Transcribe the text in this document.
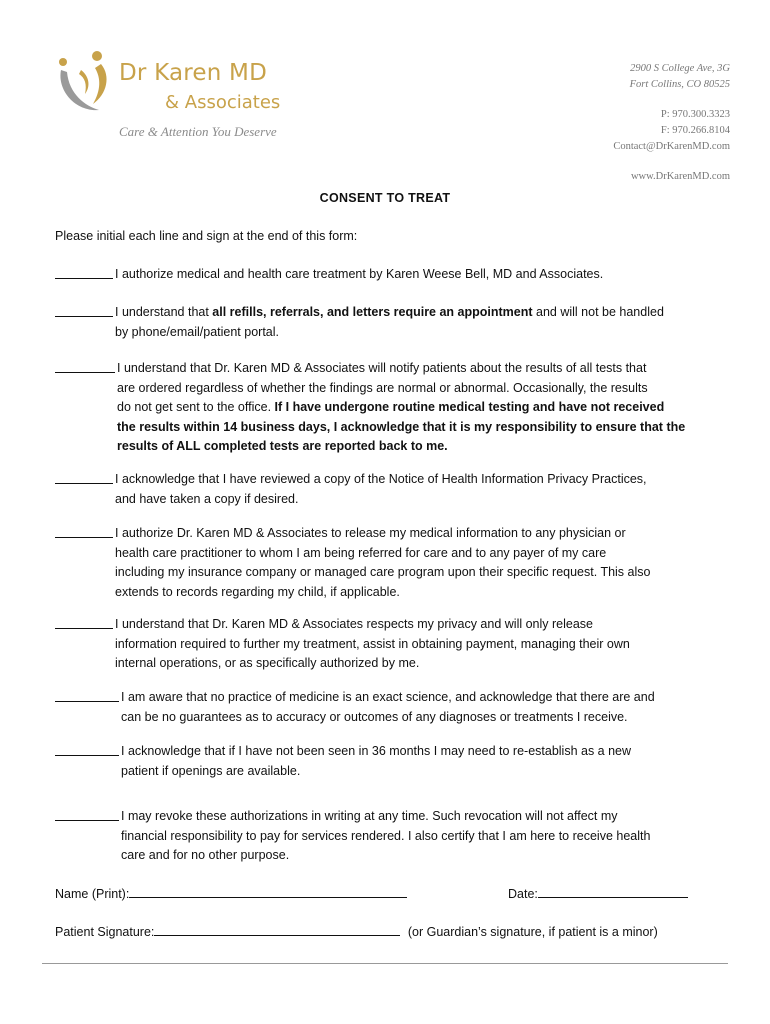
Dr Karen MD
& Associates
Care & Attention You Deserve
2900 S College Ave, 3G
Fort Collins, CO 80525
P: 970.300.3323
F: 970.266.8104
Contact@DrKarenMD.com
www.DrKarenMD.com
CONSENT TO TREAT
Please initial each line and sign at the end of this form:
I authorize medical and health care treatment by Karen Weese Bell, MD and Associates.
I understand that all refills, referrals, and letters require an appointment and will not be handled
by phone/email/patient portal.
I understand that Dr. Karen MD & Associates will notify patients about the results of all tests that
are ordered regardless of whether the findings are normal or abnormal. Occasionally, the results
do not get sent to the office. If I have undergone routine medical testing and have not received
the results within 14 business days, I acknowledge that it is my responsibility to ensure that the
results of ALL completed tests are reported back to me.
I acknowledge that I have reviewed a copy of the Notice of Health Information Privacy Practices,
and have taken a copy if desired.
I authorize Dr. Karen MD & Associates to release my medical information to any physician or
health care practitioner to whom I am being referred for care and to any payer of my care
including my insurance company or managed care program upon their specific request. This also
extends to records regarding my child, if applicable.
I understand that Dr. Karen MD & Associates respects my privacy and will only release
information required to further my treatment, assist in obtaining payment, managing their own
internal operations, or as specifically authorized by me.
I am aware that no practice of medicine is an exact science, and acknowledge that there are and
can be no guarantees as to accuracy or outcomes of any diagnoses or treatments I receive.
I acknowledge that if I have not been seen in 36 months I may need to re-establish as a new
patient if openings are available.
I may revoke these authorizations in writing at any time. Such revocation will not affect my
financial responsibility to pay for services rendered. I also certify that I am here to receive health
care and for no other purpose.
Name (Print):	Date:
Patient Signature:	(or Guardian’s signature, if patient is a minor)
